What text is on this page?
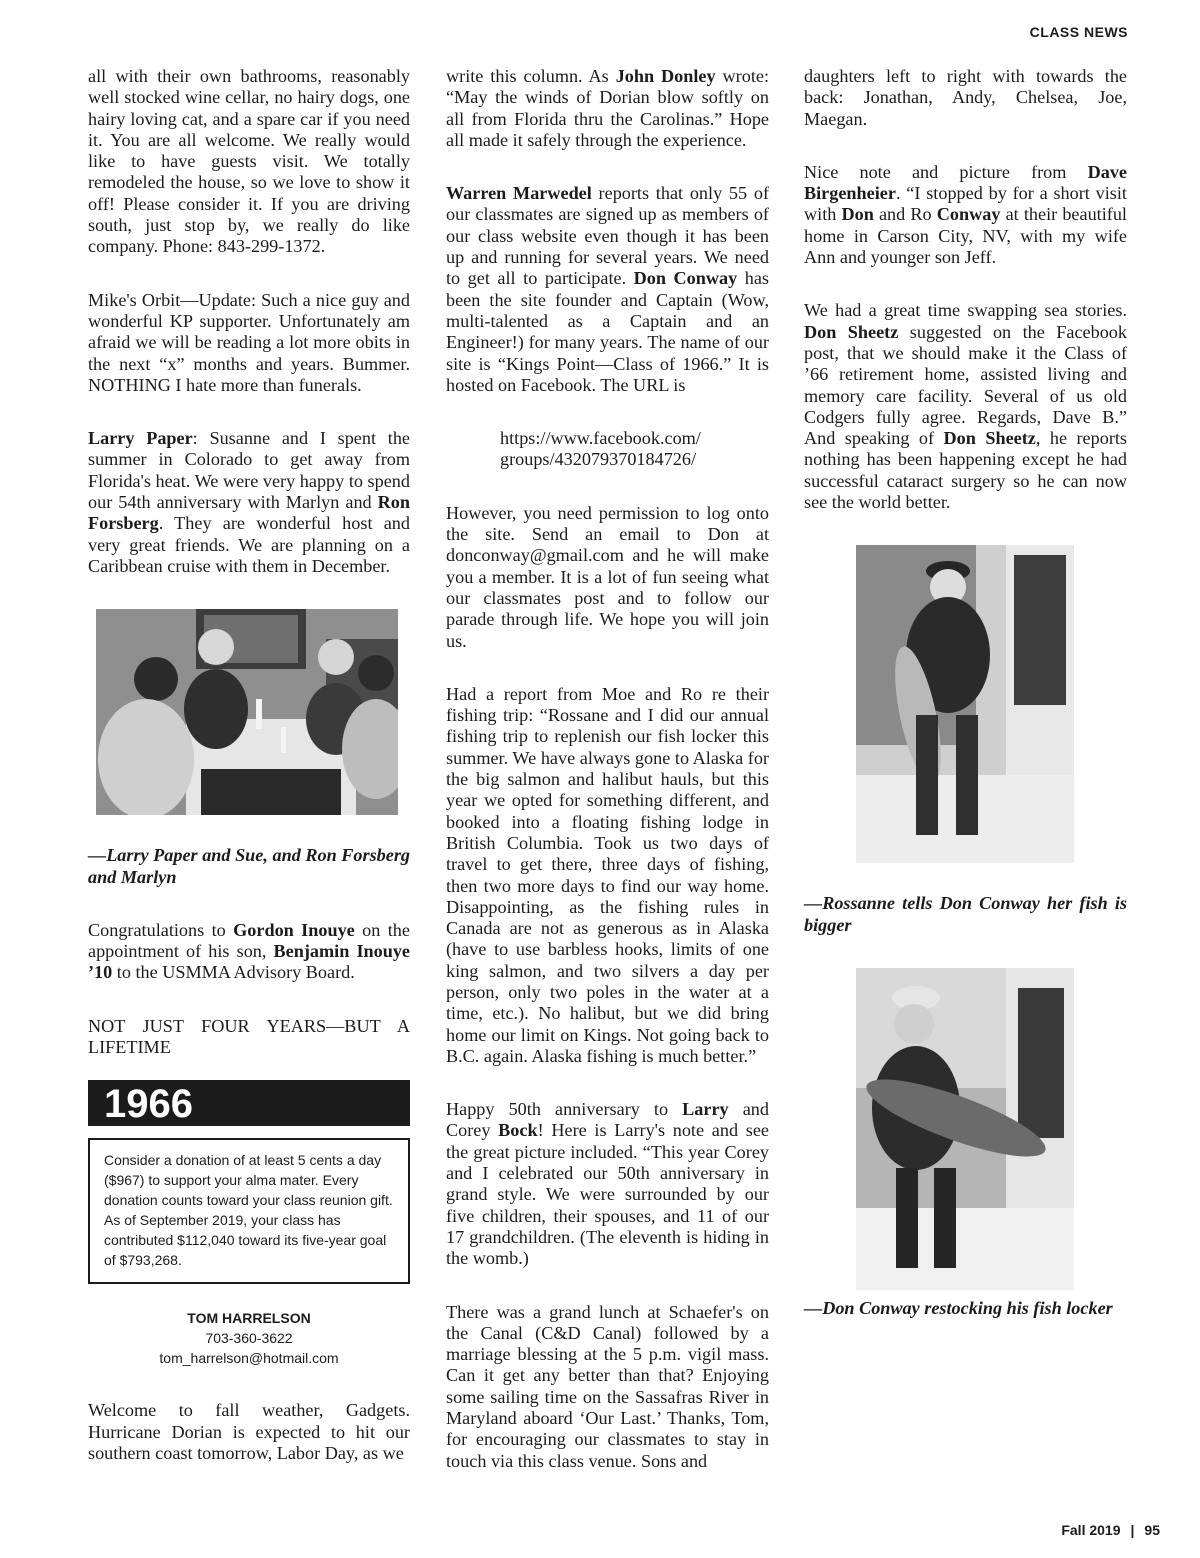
CLASS NEWS

all with their own bathrooms, reasonably well stocked wine cellar, no hairy dogs, one hairy loving cat, and a spare car if you need it. You are all welcome. We really would like to have guests visit. We totally remodeled the house, so we love to show it off! Please consider it. If you are driving south, just stop by, we really do like company. Phone: 843-299-1372.

Mike's Orbit—Update: Such a nice guy and wonderful KP supporter. Unfortunately am afraid we will be reading a lot more obits in the next “x” months and years. Bummer. NOTHING I hate more than funerals.

Larry Paper: Susanne and I spent the summer in Colorado to get away from Florida's heat. We were very happy to spend our 54th anniversary with Marlyn and Ron Forsberg. They are wonderful host and very great friends. We are planning on a Caribbean cruise with them in December.

—Larry Paper and Sue, and Ron Forsberg and Marlyn

Congratulations to Gordon Inouye on the appointment of his son, Benjamin Inouye ’10 to the USMMA Advisory Board.

NOT JUST FOUR YEARS—BUT A LIFETIME

1966
Consider a donation of at least 5 cents a day ($967) to support your alma mater. Every donation counts toward your class reunion gift. As of September 2019, your class has contributed $112,040 toward its five-year goal of $793,268.
TOM HARRELSON
703-360-3622
tom_harrelson@hotmail.com

Welcome to fall weather, Gadgets. Hurricane Dorian is expected to hit our southern coast tomorrow, Labor Day, as we

write this column. As John Donley wrote: “May the winds of Dorian blow softly on all from Florida thru the Carolinas.” Hope all made it safely through the experience.

Warren Marwedel reports that only 55 of our classmates are signed up as members of our class website even though it has been up and running for several years. We need to get all to participate. Don Conway has been the site founder and Captain (Wow, multi-talented as a Captain and an Engineer!) for many years. The name of our site is “Kings Point—Class of 1966.” It is hosted on Facebook. The URL is

https://www.facebook.com/
groups/432079370184726/

However, you need permission to log onto the site. Send an email to Don at donconway@gmail.com and he will make you a member. It is a lot of fun seeing what our classmates post and to follow our parade through life. We hope you will join us.

Had a report from Moe and Ro re their fishing trip: “Rossane and I did our annual fishing trip to replenish our fish locker this summer. We have always gone to Alaska for the big salmon and halibut hauls, but this year we opted for something different, and booked into a floating fishing lodge in British Columbia. Took us two days of travel to get there, three days of fishing, then two more days to find our way home. Disappointing, as the fishing rules in Canada are not as generous as in Alaska (have to use barbless hooks, limits of one king salmon, and two silvers a day per person, only two poles in the water at a time, etc.). No halibut, but we did bring home our limit on Kings. Not going back to B.C. again. Alaska fishing is much better.”

Happy 50th anniversary to Larry and Corey Bock! Here is Larry's note and see the great picture included. “This year Corey and I celebrated our 50th anniversary in grand style. We were surrounded by our five children, their spouses, and 11 of our 17 grandchildren. (The eleventh is hiding in the womb.)

There was a grand lunch at Schaefer's on the Canal (C&D Canal) followed by a marriage blessing at the 5 p.m. vigil mass. Can it get any better than that? Enjoying some sailing time on the Sassafras River in Maryland aboard ‘Our Last.’ Thanks, Tom, for encouraging our classmates to stay in touch via this class venue. Sons and

daughters left to right with towards the back: Jonathan, Andy, Chelsea, Joe, Maegan.

Nice note and picture from Dave Birgenheier. “I stopped by for a short visit with Don and Ro Conway at their beautiful home in Carson City, NV, with my wife Ann and younger son Jeff.

We had a great time swapping sea stories. Don Sheetz suggested on the Facebook post, that we should make it the Class of ’66 retirement home, assisted living and memory care facility. Several of us old Codgers fully agree. Regards, Dave B.” And speaking of Don Sheetz, he reports nothing has been happening except he had successful cataract surgery so he can now see the world better.

—Rossanne tells Don Conway her fish is bigger

—Don Conway restocking his fish locker

Fall 2019 | 95
